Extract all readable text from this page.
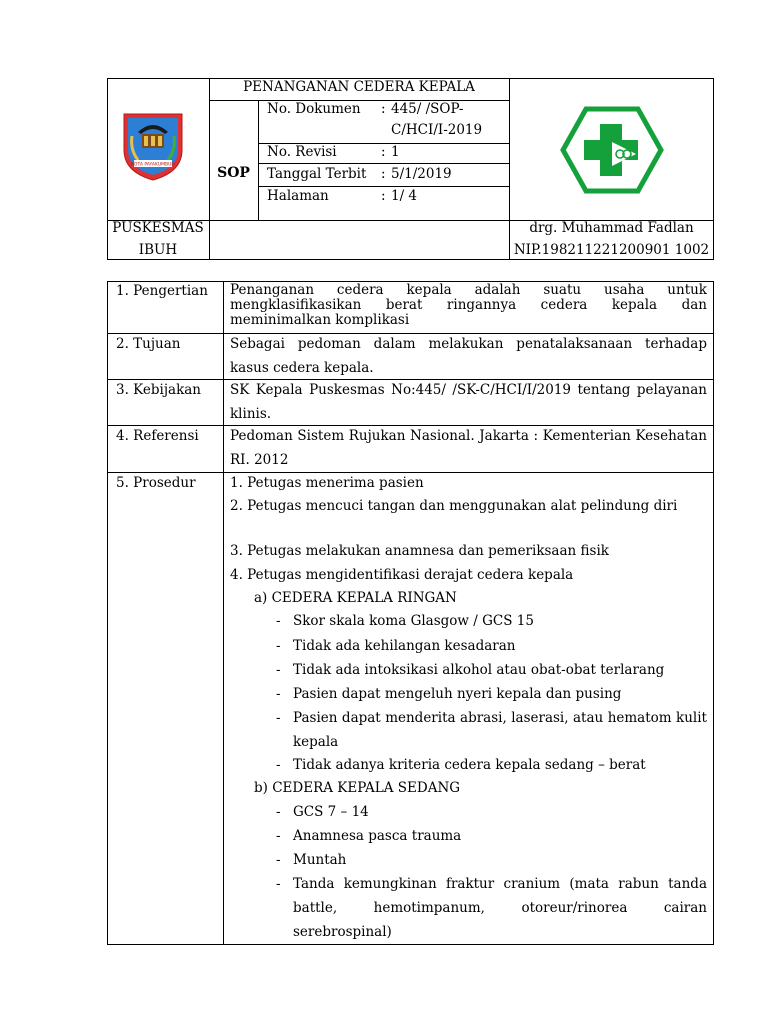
KOTA PAYAKUMBUH
PENANGANAN CEDERA KEPALA
SOP
No. Dokumen : 445/ /SOP-
C/HCI/I-2019
No. Revisi	: 1
Tanggal Terbit : 5/1/2019
Halaman	: 1/ 4
PUSKESMAS
IBUH
drg. Muhammad Fadlan
NIP.198211221200901 1002
1. Pengertian
2. Tujuan
3. Kebijakan
4. Referensi
5. Prosedur
Penanganan cedera kepala adalah suatu usaha untuk mengklasifikasikan berat ringannya cedera kepala dan meminimalkan komplikasi
Sebagai pedoman dalam melakukan penatalaksanaan terhadap kasus cedera kepala.
SK Kepala Puskesmas No:445/ /SK-C/HCI/I/2019 tentang pelayanan klinis.
Pedoman Sistem Rujukan Nasional. Jakarta : Kementerian Kesehatan RI. 2012
1. Petugas menerima pasien
2. Petugas mencuci tangan dan menggunakan alat pelindung diri
3. Petugas melakukan anamnesa dan pemeriksaan fisik
4. Petugas mengidentifikasi derajat cedera kepala
a) CEDERA KEPALA RINGAN
- Skor skala koma Glasgow / GCS 15
- Tidak ada kehilangan kesadaran
- Tidak ada intoksikasi alkohol atau obat-obat terlarang
- Pasien dapat mengeluh nyeri kepala dan pusing
- Pasien dapat menderita abrasi, laserasi, atau hematom kulit kepala
- Tidak adanya kriteria cedera kepala sedang – berat
b) CEDERA KEPALA SEDANG
- GCS 7 – 14
- Anamnesa pasca trauma
- Muntah
- Tanda kemungkinan fraktur cranium (mata rabun tanda battle, hemotimpanum, otoreur/rinorea cairan serebrospinal)
